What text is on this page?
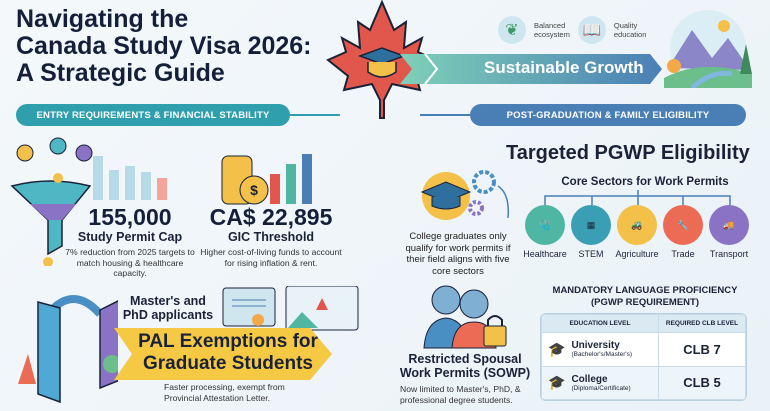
Navigating the
Canada Study Visa 2026:
A Strategic Guide	Sustainable Growth
❦	Balanced
ecosystem 📖	Quality
education
ENTRY REQUIREMENTS & FINANCIAL STABILITY	POST-GRADUATION & FAMILY ELIGIBILITY
155,000
Study Permit Cap
7% reduction from 2025 targets to match housing & healthcare capacity.
$
CA$ 22,895
GIC Threshold
Higher cost-of-living funds to account for rising inflation & rent.
Master's and PhD applicants
PAL Exemptions for
Graduate Students
Faster processing, exempt from Provincial Attestation Letter.
Targeted PGWP Eligibility
College graduates only qualify for work permits if their field aligns with five core sectors
Core Sectors for Work Permits
🩺
Healthcare
▦
STEM
🚜
Agriculture
🔧
Trade
🚚
Transport
Restricted Spousal
Work Permits (SOWP)
Now limited to Master's, PhD, & professional degree students.
MANDATORY LANGUAGE PROFICIENCY
(PGWP REQUIREMENT)
EDUCATION LEVEL	REQUIRED CLB LEVEL

🎓 University
(Bachelor's/Master's)	CLB 7

🎓 College
(Diploma/Certificate)	CLB 5
